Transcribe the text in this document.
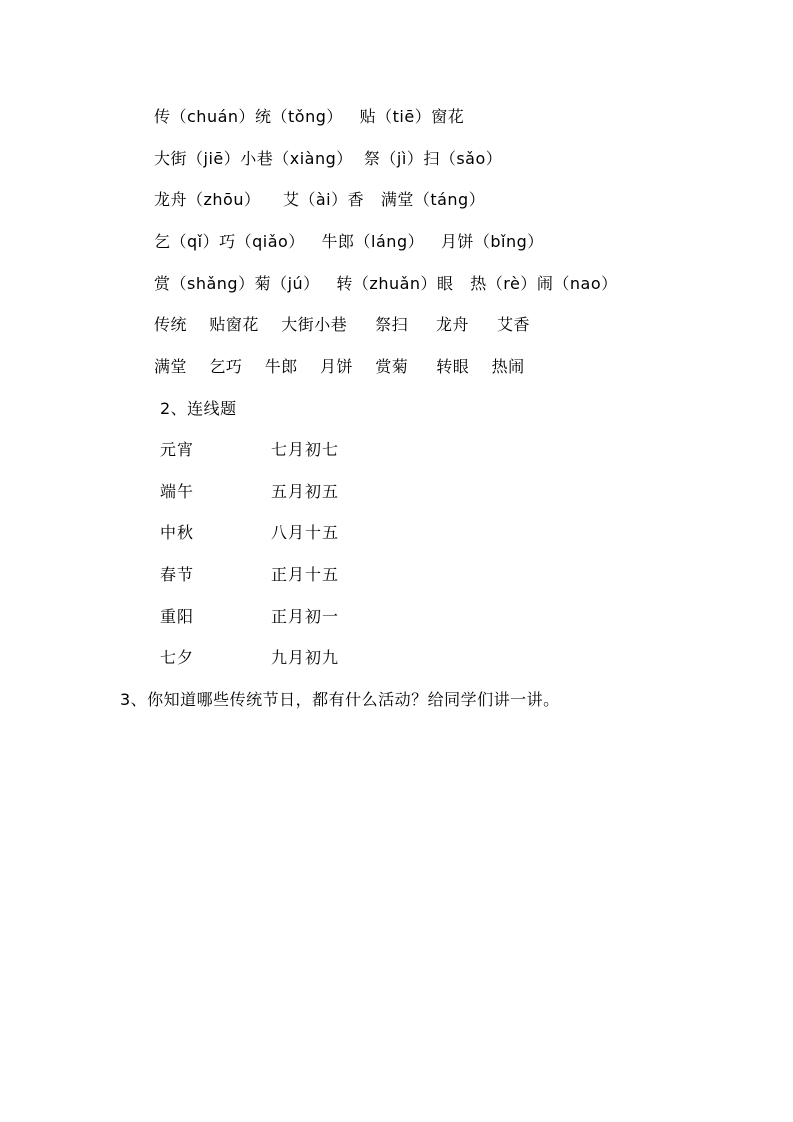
传（chuán）统（tǒng）   贴（tiē）窗花
大街（jiē）小巷（xiàng）  祭（jì）扫（sǎo）
龙舟（zhōu）    艾（ài）香   满堂（táng）
乞（qǐ）巧（qiǎo）   牛郎（láng）   月饼（bǐng）
赏（shǎng）菊（jú）   转（zhuǎn）眼   热（rè）闹（nao）
传统    贴窗花    大街小巷     祭扫     龙舟     艾香
满堂    乞巧    牛郎    月饼    赏菊     转眼    热闹
2、连线题
元宵	七月初七
端午	五月初五
中秋	八月十五
春节	正月十五
重阳	正月初一
七夕	九月初九
3、你知道哪些传统节日，都有什么活动？给同学们讲一讲。
